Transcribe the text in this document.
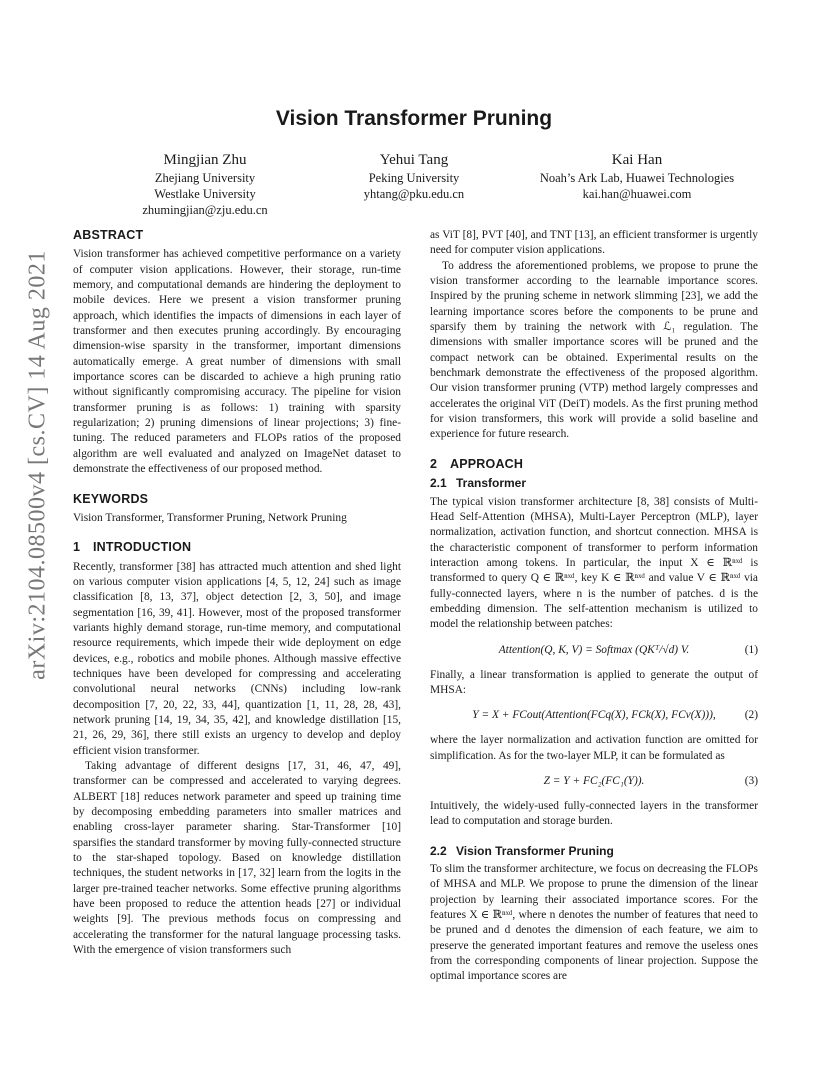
arXiv:2104.08500v4 [cs.CV] 14 Aug 2021
Vision Transformer Pruning
Mingjian Zhu
Zhejiang University
Westlake University
zhumingjian@zju.edu.cn
Yehui Tang
Peking University
yhtang@pku.edu.cn
Kai Han
Noah’s Ark Lab, Huawei Technologies
kai.han@huawei.com
ABSTRACT

Vision transformer has achieved competitive performance on a variety of computer vision applications. However, their storage, run-time memory, and computational demands are hindering the deployment to mobile devices. Here we present a vision transformer pruning approach, which identifies the impacts of dimensions in each layer of transformer and then executes pruning accordingly. By encouraging dimension-wise sparsity in the transformer, important dimensions automatically emerge. A great number of dimensions with small importance scores can be discarded to achieve a high pruning ratio without significantly compromising accuracy. The pipeline for vision transformer pruning is as follows: 1) training with sparsity regularization; 2) pruning dimensions of linear projections; 3) fine-tuning. The reduced parameters and FLOPs ratios of the proposed algorithm are well evaluated and analyzed on ImageNet dataset to demonstrate the effectiveness of our proposed method.

KEYWORDS

Vision Transformer, Transformer Pruning, Network Pruning

1 INTRODUCTION

Recently, transformer [38] has attracted much attention and shed light on various computer vision applications [4, 5, 12, 24] such as image classification [8, 13, 37], object detection [2, 3, 50], and image segmentation [16, 39, 41]. However, most of the proposed transformer variants highly demand storage, run-time memory, and computational resource requirements, which impede their wide deployment on edge devices, e.g., robotics and mobile phones. Although massive effective techniques have been developed for compressing and accelerating convolutional neural networks (CNNs) including low-rank decomposition [7, 20, 22, 33, 44], quantization [1, 11, 28, 28, 43], network pruning [14, 19, 34, 35, 42], and knowledge distillation [15, 21, 26, 29, 36], there still exists an urgency to develop and deploy efficient vision transformer.

Taking advantage of different designs [17, 31, 46, 47, 49], transformer can be compressed and accelerated to varying degrees. ALBERT [18] reduces network parameter and speed up training time by decomposing embedding parameters into smaller matrices and enabling cross-layer parameter sharing. Star-Transformer [10] sparsifies the standard transformer by moving fully-connected structure to the star-shaped topology. Based on knowledge distillation techniques, the student networks in [17, 32] learn from the logits in the larger pre-trained teacher networks. Some effective pruning algorithms have been proposed to reduce the attention heads [27] or individual weights [9]. The previous methods focus on compressing and accelerating the transformer for the natural language processing tasks. With the emergence of vision transformers such

as ViT [8], PVT [40], and TNT [13], an efficient transformer is urgently need for computer vision applications.

To address the aforementioned problems, we propose to prune the vision transformer according to the learnable importance scores. Inspired by the pruning scheme in network slimming [23], we add the learning importance scores before the components to be prune and sparsify them by training the network with ℒ₁ regulation. The dimensions with smaller importance scores will be pruned and the compact network can be obtained. Experimental results on the benchmark demonstrate the effectiveness of the proposed algorithm. Our vision transformer pruning (VTP) method largely compresses and accelerates the original ViT (DeiT) models. As the first pruning method for vision transformers, this work will provide a solid baseline and experience for future research.

2 APPROACH
2.1 Transformer

The typical vision transformer architecture [8, 38] consists of Multi-Head Self-Attention (MHSA), Multi-Layer Perceptron (MLP), layer normalization, activation function, and shortcut connection. MHSA is the characteristic component of transformer to perform information interaction among tokens. In particular, the input X ∈ ℝⁿˣᵈ is transformed to query Q ∈ ℝⁿˣᵈ, key K ∈ ℝⁿˣᵈ and value V ∈ ℝⁿˣᵈ via fully-connected layers, where n is the number of patches. d is the embedding dimension. The self-attention mechanism is utilized to model the relationship between patches:

Attention(Q, K, V) = Softmax (QKᵀ/√d) V.	(1)

Finally, a linear transformation is applied to generate the output of MHSA:

Y = X + FCout(Attention(FCq(X), FCk(X), FCv(X))),	(2)

where the layer normalization and activation function are omitted for simplification. As for the two-layer MLP, it can be formulated as

Z = Y + FC₂(FC₁(Y)).	(3)

Intuitively, the widely-used fully-connected layers in the transformer lead to computation and storage burden.

2.2 Vision Transformer Pruning

To slim the transformer architecture, we focus on decreasing the FLOPs of MHSA and MLP. We propose to prune the dimension of the linear projection by learning their associated importance scores. For the features X ∈ ℝⁿˣᵈ, where n denotes the number of features that need to be pruned and d denotes the dimension of each feature, we aim to preserve the generated important features and remove the useless ones from the corresponding components of linear projection. Suppose the optimal importance scores are
